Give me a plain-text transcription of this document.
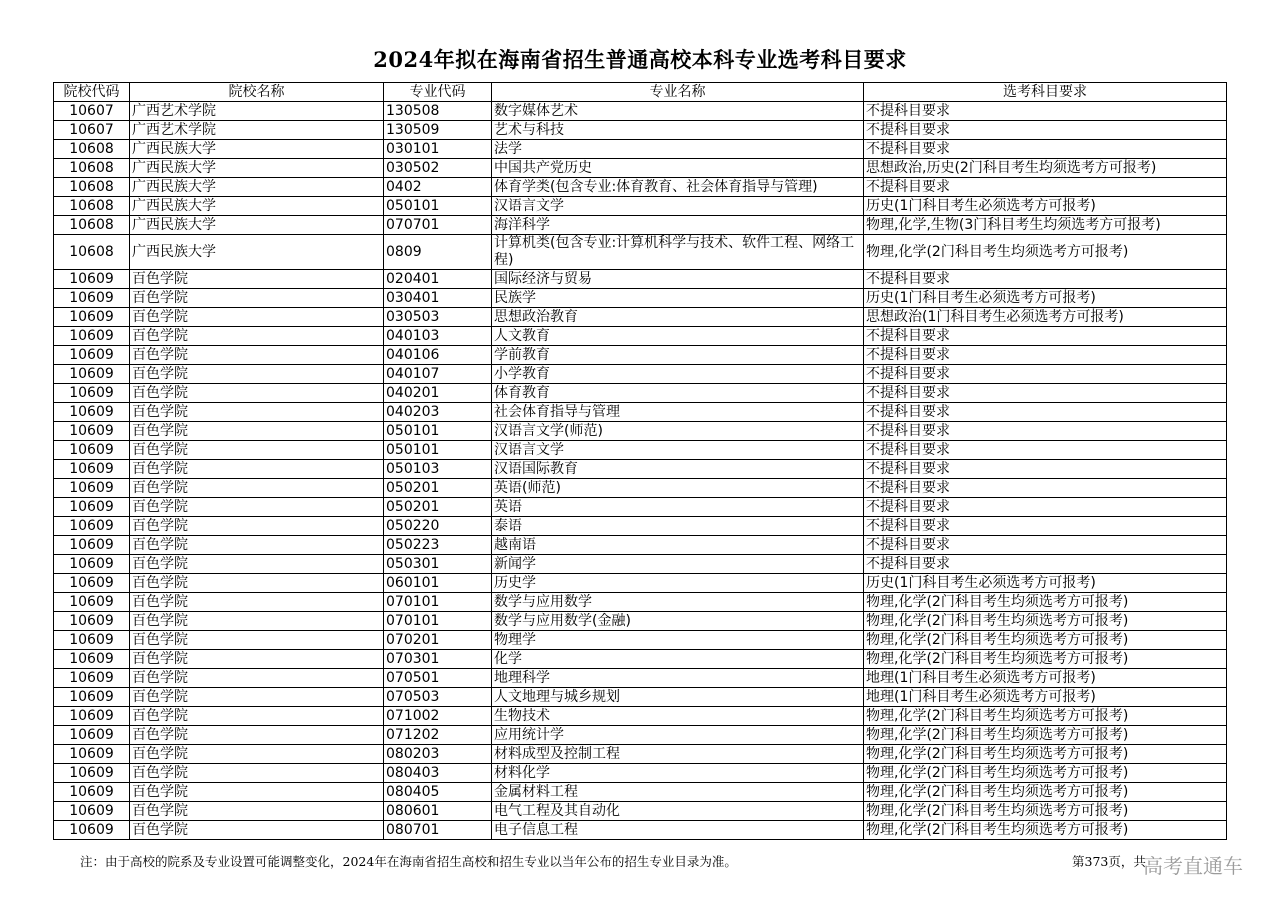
2024年拟在海南省招生普通高校本科专业选考科目要求
院校代码	院校名称	专业代码	专业名称	选考科目要求
10607	广西艺术学院	130508	数字媒体艺术	不提科目要求
10607	广西艺术学院	130509	艺术与科技	不提科目要求
10608	广西民族大学	030101	法学	不提科目要求
10608	广西民族大学	030502	中国共产党历史	思想政治,历史(2门科目考生均须选考方可报考)
10608	广西民族大学	0402	体育学类(包含专业:体育教育、社会体育指导与管理)	不提科目要求
10608	广西民族大学	050101	汉语言文学	历史(1门科目考生必须选考方可报考)
10608	广西民族大学	070701	海洋科学	物理,化学,生物(3门科目考生均须选考方可报考)
10608	广西民族大学	0809	计算机类(包含专业:计算机科学与技术、软件工程、网络工程)	物理,化学(2门科目考生均须选考方可报考)
10609	百色学院	020401	国际经济与贸易	不提科目要求
10609	百色学院	030401	民族学	历史(1门科目考生必须选考方可报考)
10609	百色学院	030503	思想政治教育	思想政治(1门科目考生必须选考方可报考)
10609	百色学院	040103	人文教育	不提科目要求
10609	百色学院	040106	学前教育	不提科目要求
10609	百色学院	040107	小学教育	不提科目要求
10609	百色学院	040201	体育教育	不提科目要求
10609	百色学院	040203	社会体育指导与管理	不提科目要求
10609	百色学院	050101	汉语言文学(师范)	不提科目要求
10609	百色学院	050101	汉语言文学	不提科目要求
10609	百色学院	050103	汉语国际教育	不提科目要求
10609	百色学院	050201	英语(师范)	不提科目要求
10609	百色学院	050201	英语	不提科目要求
10609	百色学院	050220	泰语	不提科目要求
10609	百色学院	050223	越南语	不提科目要求
10609	百色学院	050301	新闻学	不提科目要求
10609	百色学院	060101	历史学	历史(1门科目考生必须选考方可报考)
10609	百色学院	070101	数学与应用数学	物理,化学(2门科目考生均须选考方可报考)
10609	百色学院	070101	数学与应用数学(金融)	物理,化学(2门科目考生均须选考方可报考)
10609	百色学院	070201	物理学	物理,化学(2门科目考生均须选考方可报考)
10609	百色学院	070301	化学	物理,化学(2门科目考生均须选考方可报考)
10609	百色学院	070501	地理科学	地理(1门科目考生必须选考方可报考)
10609	百色学院	070503	人文地理与城乡规划	地理(1门科目考生必须选考方可报考)
10609	百色学院	071002	生物技术	物理,化学(2门科目考生均须选考方可报考)
10609	百色学院	071202	应用统计学	物理,化学(2门科目考生均须选考方可报考)
10609	百色学院	080203	材料成型及控制工程	物理,化学(2门科目考生均须选考方可报考)
10609	百色学院	080403	材料化学	物理,化学(2门科目考生均须选考方可报考)
10609	百色学院	080405	金属材料工程	物理,化学(2门科目考生均须选考方可报考)
10609	百色学院	080601	电气工程及其自动化	物理,化学(2门科目考生均须选考方可报考)
10609	百色学院	080701	电子信息工程	物理,化学(2门科目考生均须选考方可报考)
注：由于高校的院系及专业设置可能调整变化，2024年在海南省招生高校和招生专业以当年公布的招生专业目录为准。	第373页，共
高考直通车
